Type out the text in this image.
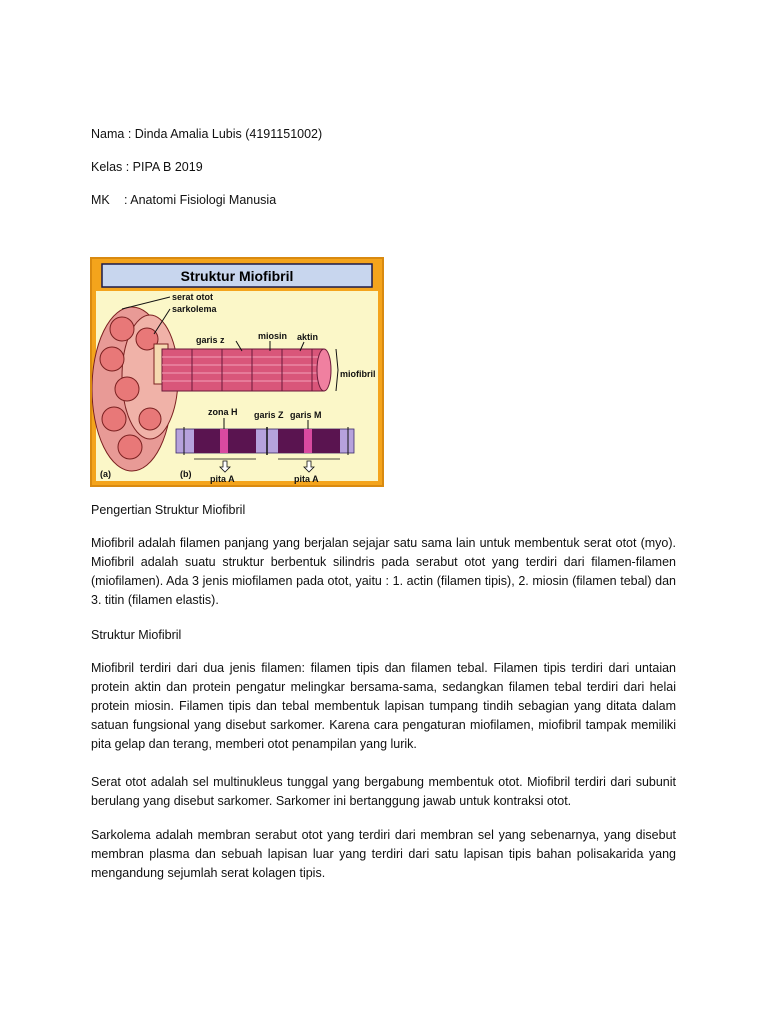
Nama : Dinda Amalia Lubis (4191151002)
Kelas : PIPA B 2019
MK : Anatomi Fisiologi Manusia
Struktur Miofibril
serat otot
sarkolema
garis z	miosin aktin
miofibril
zona H garis Z garis M
pita A	pita A
(a)	(b)
Pengertian Struktur Miofibril

Miofibril adalah filamen panjang yang berjalan sejajar satu sama lain untuk membentuk serat otot (myo). Miofibril adalah suatu struktur berbentuk silindris pada serabut otot yang terdiri dari filamen-filamen (miofilamen). Ada 3 jenis miofilamen pada otot, yaitu : 1. actin (filamen tipis), 2. miosin (filamen tebal) dan 3. titin (filamen elastis).

Struktur Miofibril

Miofibril terdiri dari dua jenis filamen: filamen tipis dan filamen tebal. Filamen tipis terdiri dari untaian protein aktin dan protein pengatur melingkar bersama-sama, sedangkan filamen tebal terdiri dari helai protein miosin. Filamen tipis dan tebal membentuk lapisan tumpang tindih sebagian yang ditata dalam satuan fungsional yang disebut sarkomer. Karena cara pengaturan miofilamen, miofibril tampak memiliki pita gelap dan terang, memberi otot penampilan yang lurik.

Serat otot adalah sel multinukleus tunggal yang bergabung membentuk otot. Miofibril terdiri dari subunit berulang yang disebut sarkomer. Sarkomer ini bertanggung jawab untuk kontraksi otot.

Sarkolema adalah membran serabut otot yang terdiri dari membran sel yang sebenarnya, yang disebut membran plasma dan sebuah lapisan luar yang terdiri dari satu lapisan tipis bahan polisakarida yang mengandung sejumlah serat kolagen tipis.
